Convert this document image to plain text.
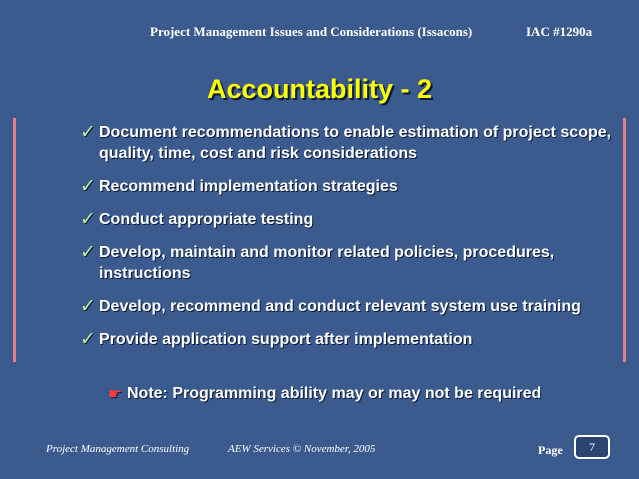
Project Management Issues and Considerations (Issacons)	IAC #1290a
Accountability - 2
✓ Document recommendations to enable estimation of project scope, quality, time, cost and risk considerations
✓ Recommend implementation strategies
✓ Conduct appropriate testing
✓ Develop, maintain and monitor related policies, procedures, instructions
✓ Develop, recommend and conduct relevant system use training
✓ Provide application support after implementation
☛ Note: Programming ability may or may not be required
Project Management Consulting	AEW Services © November, 2005	Page	7
